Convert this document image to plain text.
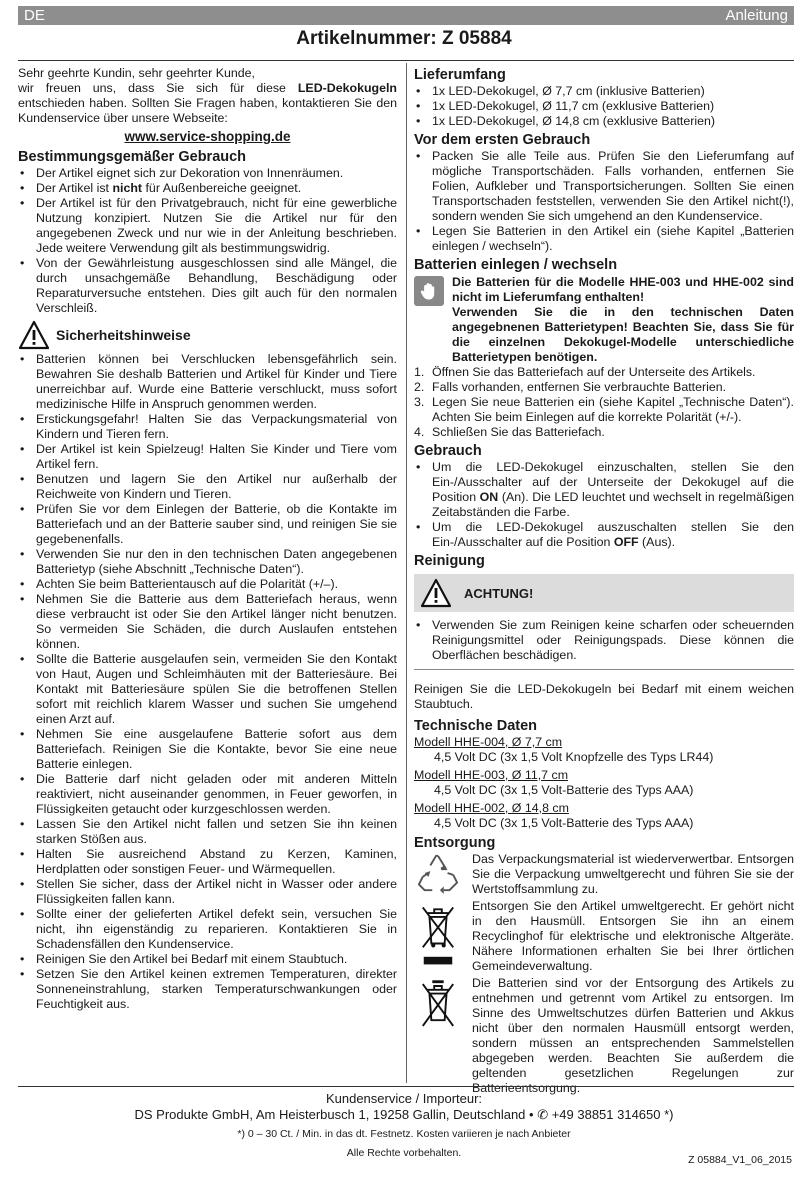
DE	Anleitung
Artikelnummer: Z 05884

Sehr geehrte Kundin, sehr geehrter Kunde,

wir freuen uns, dass Sie sich für diese LED-Dekokugeln entschieden haben. Sollten Sie Fragen haben, kontaktieren Sie den Kundenservice über unsere Webseite:

www.service-shopping.de
Bestimmungsgemäßer Gebrauch
• Der Artikel eignet sich zur Dekoration von Innenräumen.
• Der Artikel ist nicht für Außenbereiche geeignet.
• Der Artikel ist für den Privatgebrauch, nicht für eine gewerbliche Nutzung konzipiert. Nutzen Sie die Artikel nur für den angegebenen Zweck und nur wie in der Anleitung beschrieben. Jede weitere Verwendung gilt als bestimmungswidrig.
• Von der Gewährleistung ausgeschlossen sind alle Mängel, die durch unsachgemäße Behandlung, Beschädigung oder Reparaturversuche entstehen. Dies gilt auch für den normalen Verschleiß.
Sicherheitshinweise
• Batterien können bei Verschlucken lebensgefährlich sein. Bewahren Sie deshalb Batterien und Artikel für Kinder und Tiere unerreichbar auf. Wurde eine Batterie verschluckt, muss sofort medizinische Hilfe in Anspruch genommen werden.
• Erstickungsgefahr! Halten Sie das Verpackungsmaterial von Kindern und Tieren fern.
• Der Artikel ist kein Spielzeug! Halten Sie Kinder und Tiere vom Artikel fern.
• Benutzen und lagern Sie den Artikel nur außerhalb der Reichweite von Kindern und Tieren.
• Prüfen Sie vor dem Einlegen der Batterie, ob die Kontakte im Batteriefach und an der Batterie sauber sind, und reinigen Sie sie gegebenenfalls.
• Verwenden Sie nur den in den technischen Daten angegebenen Batterietyp (siehe Abschnitt „Technische Daten“).
• Achten Sie beim Batterientausch auf die Polarität (+/–).
• Nehmen Sie die Batterie aus dem Batteriefach heraus, wenn diese verbraucht ist oder Sie den Artikel länger nicht benutzen. So vermeiden Sie Schäden, die durch Auslaufen entstehen können.
• Sollte die Batterie ausgelaufen sein, vermeiden Sie den Kontakt von Haut, Augen und Schleimhäuten mit der Batteriesäure. Bei Kontakt mit Batteriesäure spülen Sie die betroffenen Stellen sofort mit reichlich klarem Wasser und suchen Sie umgehend einen Arzt auf.
• Nehmen Sie eine ausgelaufene Batterie sofort aus dem Batteriefach. Reinigen Sie die Kontakte, bevor Sie eine neue Batterie einlegen.
• Die Batterie darf nicht geladen oder mit anderen Mitteln reaktiviert, nicht auseinander genommen, in Feuer geworfen, in Flüssigkeiten getaucht oder kurzgeschlossen werden.
• Lassen Sie den Artikel nicht fallen und setzen Sie ihn keinen starken Stößen aus.
• Halten Sie ausreichend Abstand zu Kerzen, Kaminen, Herdplatten oder sonstigen Feuer- und Wärmequellen.
• Stellen Sie sicher, dass der Artikel nicht in Wasser oder andere Flüssigkeiten fallen kann.
• Sollte einer der gelieferten Artikel defekt sein, versuchen Sie nicht, ihn eigenständig zu reparieren. Kontaktieren Sie in Schadensfällen den Kundenservice.
• Reinigen Sie den Artikel bei Bedarf mit einem Staubtuch.
• Setzen Sie den Artikel keinen extremen Temperaturen, direkter Sonneneinstrahlung, starken Temperaturschwankungen oder Feuchtigkeit aus.
Lieferumfang
• 1x LED-Dekokugel, Ø 7,7 cm (inklusive Batterien)
• 1x LED-Dekokugel, Ø 11,7 cm (exklusive Batterien)
• 1x LED-Dekokugel, Ø 14,8 cm (exklusive Batterien)
Vor dem ersten Gebrauch
• Packen Sie alle Teile aus. Prüfen Sie den Lieferumfang auf mögliche Transportschäden. Falls vorhanden, entfernen Sie Folien, Aufkleber und Transportsicherungen. Sollten Sie einen Transportschaden feststellen, verwenden Sie den Artikel nicht(!), sondern wenden Sie sich umgehend an den Kundenservice.
• Legen Sie Batterien in den Artikel ein (siehe Kapitel „Batterien einlegen / wechseln“).
Batterien einlegen / wechseln
Die Batterien für die Modelle HHE-003 und HHE-002 sind nicht im Lieferumfang enthalten!
Verwenden Sie die in den technischen Daten angegebnenen Batterietypen! Beachten Sie, dass Sie für die einzelnen Dekokugel-Modelle unterschiedliche Batterietypen benötigen.
1. Öffnen Sie das Batteriefach auf der Unterseite des Artikels.
2. Falls vorhanden, entfernen Sie verbrauchte Batterien.
3. Legen Sie neue Batterien ein (siehe Kapitel „Technische Daten“). Achten Sie beim Einlegen auf die korrekte Polarität (+/-).
4. Schließen Sie das Batteriefach.
Gebrauch
• Um die LED-Dekokugel einzuschalten, stellen Sie den Ein-/Ausschalter auf der Unterseite der Dekokugel auf die Position ON (An). Die LED leuchtet und wechselt in regelmäßigen Zeitabständen die Farbe.
• Um die LED-Dekokugel auszuschalten stellen Sie den Ein-/Ausschalter auf die Position OFF (Aus).
Reinigung
ACHTUNG!
• Verwenden Sie zum Reinigen keine scharfen oder scheuernden Reinigungsmittel oder Reinigungspads. Diese können die Oberflächen beschädigen.

Reinigen Sie die LED-Dekokugeln bei Bedarf mit einem weichen Staubtuch.

Technische Daten
Modell HHE-004, Ø 7,7 cm
4,5 Volt DC (3x 1,5 Volt Knopfzelle des Typs LR44)
Modell HHE-003, Ø 11,7 cm
4,5 Volt DC (3x 1,5 Volt-Batterie des Typs AAA)
Modell HHE-002, Ø 14,8 cm
4,5 Volt DC (3x 1,5 Volt-Batterie des Typs AAA)
Entsorgung

Das Verpackungsmaterial ist wiederverwertbar. Entsorgen Sie die Verpackung umweltgerecht und führen Sie sie der Wertstoffsammlung zu.

Entsorgen Sie den Artikel umweltgerecht. Er gehört nicht in den Hausmüll. Entsorgen Sie ihn an einem Recyclinghof für elektrische und elektronische Altgeräte. Nähere Informationen erhalten Sie bei Ihrer örtlichen Gemeindeverwaltung.

Die Batterien sind vor der Entsorgung des Artikels zu entnehmen und getrennt vom Artikel zu entsorgen. Im Sinne des Umweltschutzes dürfen Batterien und Akkus nicht über den normalen Hausmüll entsorgt werden, sondern müssen an entsprechenden Sammelstellen abgegeben werden. Beachten Sie außerdem die geltenden gesetzlichen Regelungen zur Batterieentsorgung.

Kundenservice / Importeur:
DS Produkte GmbH, Am Heisterbusch 1, 19258 Gallin, Deutschland • ✆ +49 38851 314650 *)
*) 0 – 30 Ct. / Min. in das dt. Festnetz. Kosten variieren je nach Anbieter
Alle Rechte vorbehalten.
Z 05884_V1_06_2015
